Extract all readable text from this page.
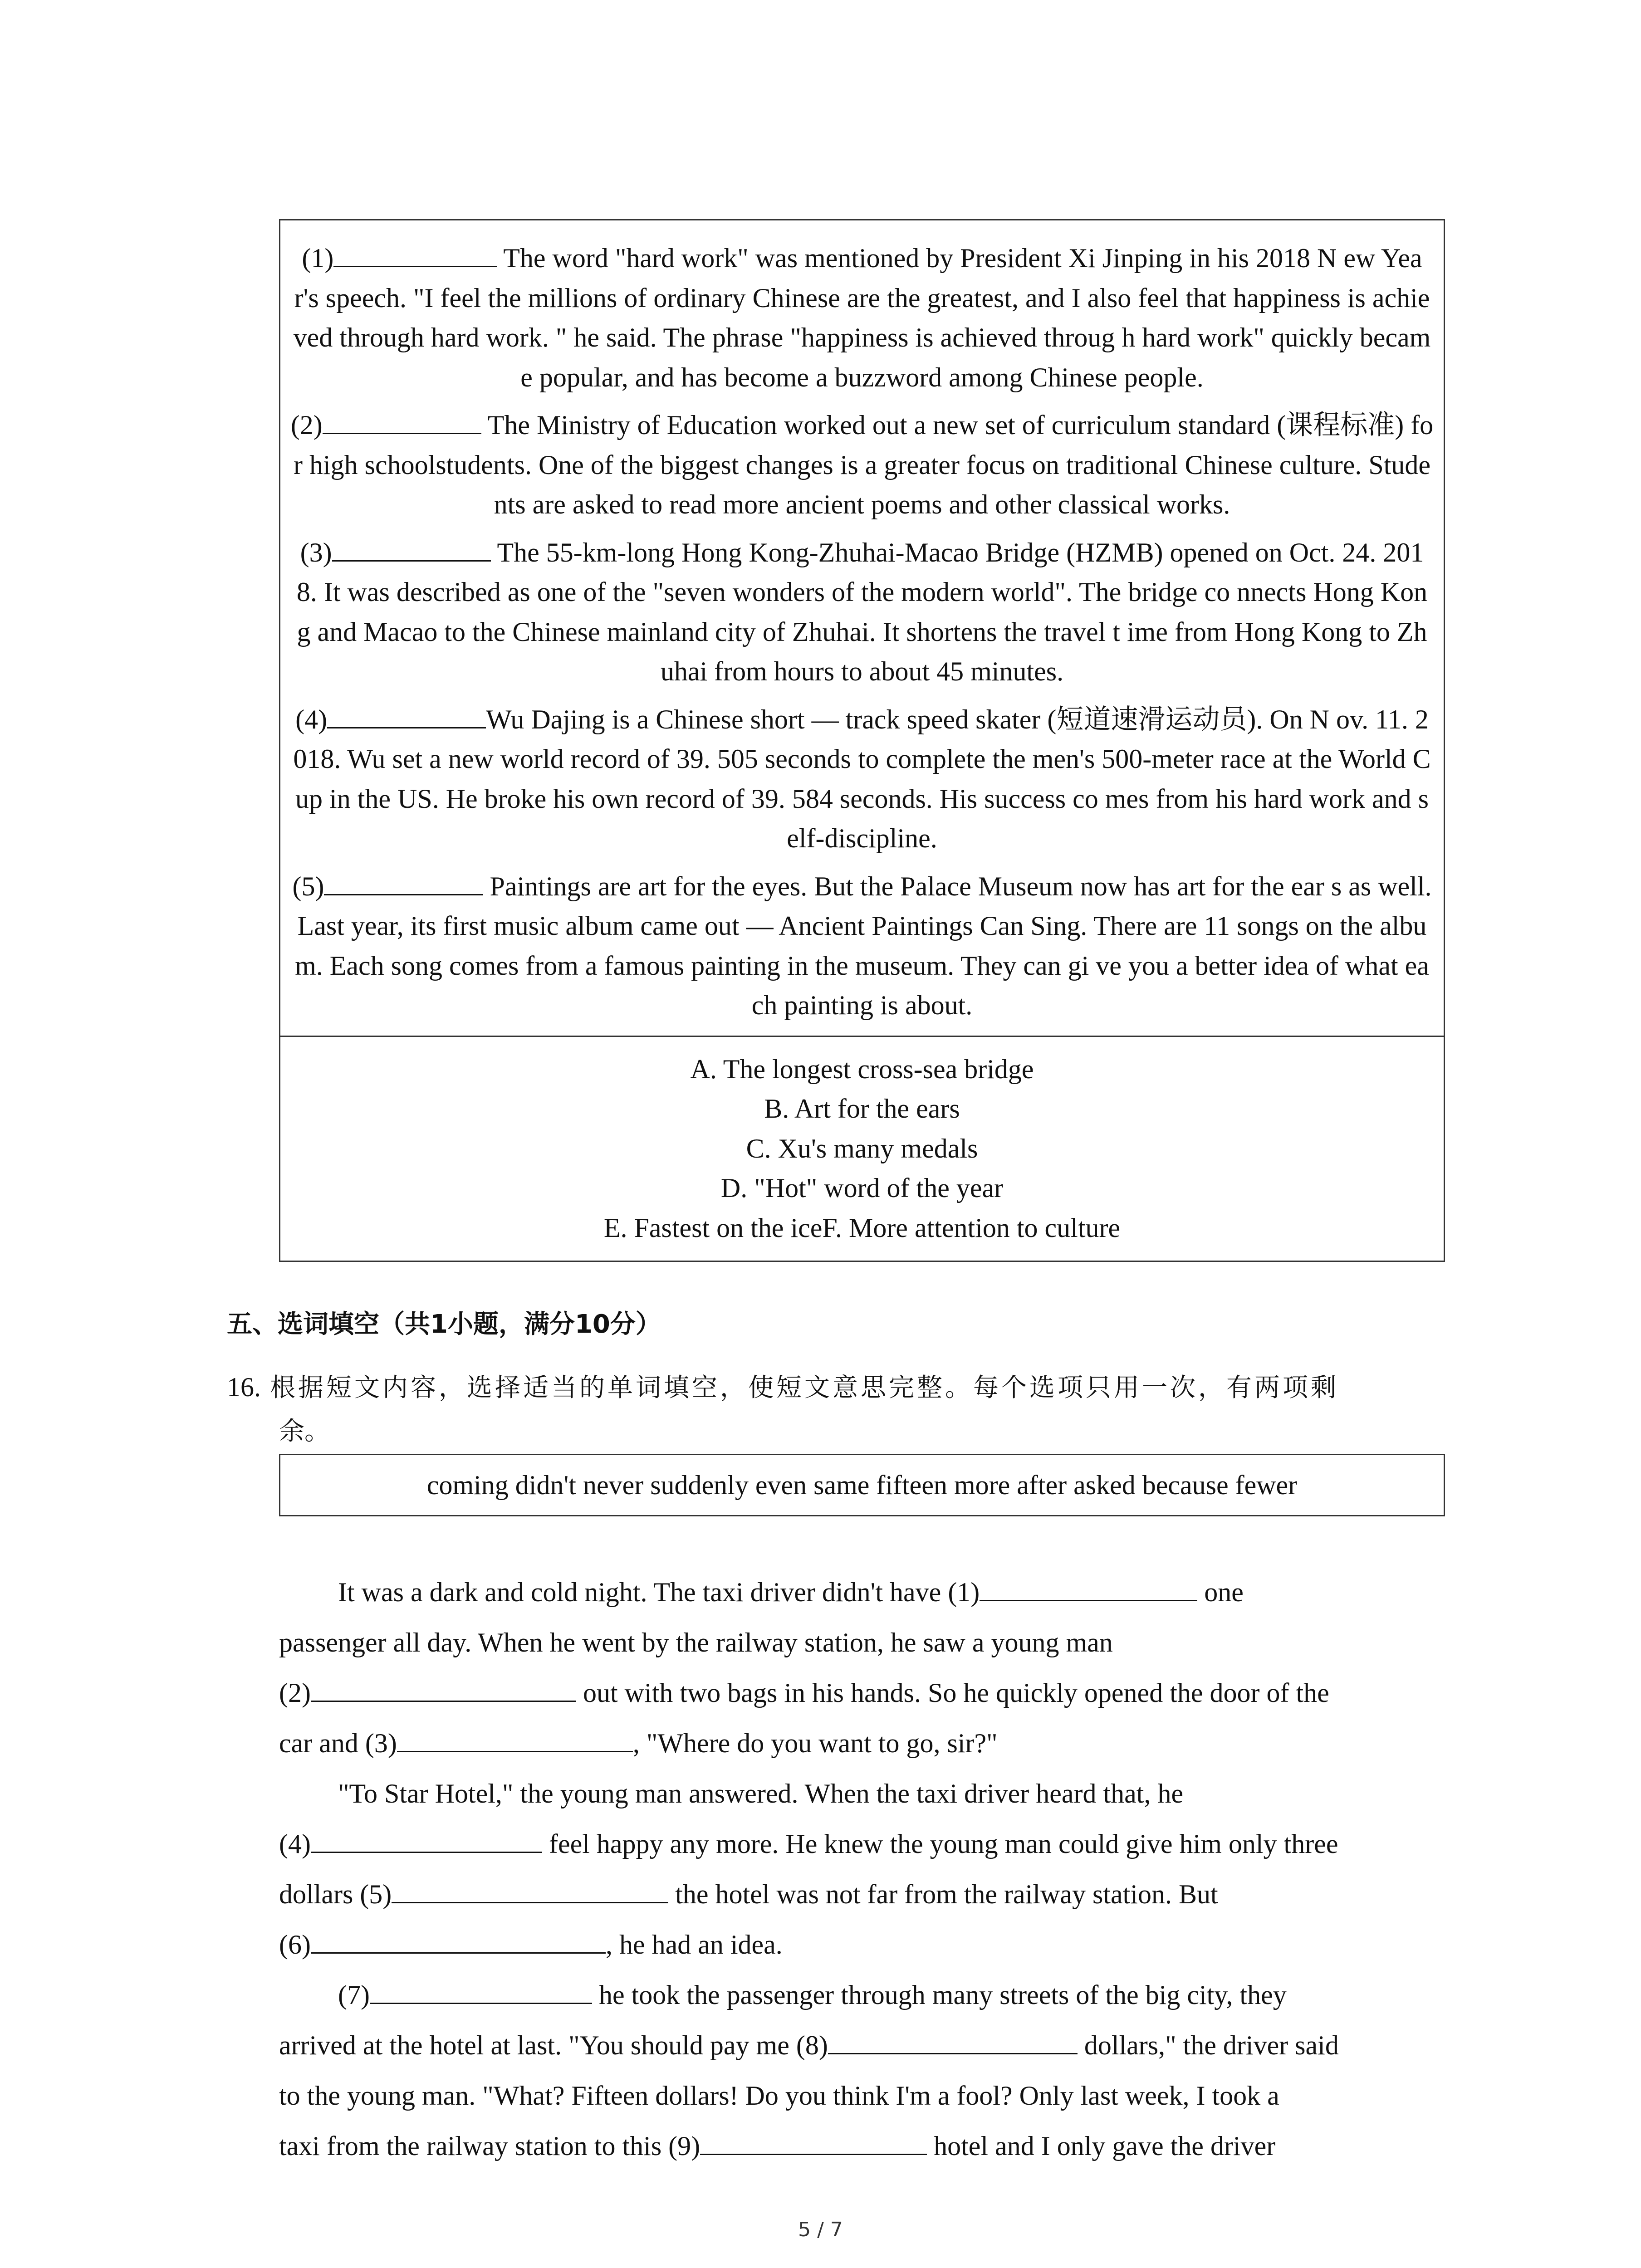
(1)	The word "hard work" was mentioned by President Xi Jinping in his 2018 N ew Year's speech. "I feel the millions of ordinary Chinese are the greatest, and I also feel that happiness is achieved through hard work. " he said. The phrase "happiness is achieved throug h hard work" quickly became popular, and has become a buzzword among Chinese people.

(2)	The Ministry of Education worked out a new set of curriculum standard (课程标准) for high schoolstudents. One of the biggest changes is a greater focus on traditional Chinese culture. Students are asked to read more ancient poems and other classical works.

(3)	The 55-km-long Hong Kong-Zhuhai-Macao Bridge (HZMB) opened on Oct. 24. 2018. It was described as one of the "seven wonders of the modern world". The bridge co nnects Hong Kong and Macao to the Chinese mainland city of Zhuhai. It shortens the travel t ime from Hong Kong to Zhuhai from hours to about 45 minutes.

(4)	Wu Dajing is a Chinese short — track speed skater (短道速滑运动员). On N ov. 11. 2018. Wu set a new world record of 39. 505 seconds to complete the men's 500-meter race at the World Cup in the US. He broke his own record of 39. 584 seconds. His success co mes from his hard work and self-discipline.

(5)	Paintings are art for the eyes. But the Palace Museum now has art for the ear s as well. Last year, its first music album came out — Ancient Paintings Can Sing. There are 11 songs on the album. Each song comes from a famous painting in the museum. They can gi ve you a better idea of what each painting is about.

A. The longest cross-sea bridge

B. Art for the ears

C. Xu's many medals

D. "Hot" word of the year

E. Fastest on the iceF. More attention to culture

五、选词填空（共1小题，满分10分）
16. 根据短文内容，选择适当的单词填空，使短文意思完整。每个选项只用一次，有两项剩
余。
coming didn't never suddenly even same fifteen more after asked because fewer

It was a dark and cold night. The taxi driver didn't have (1)	one

passenger all day. When he went by the railway station, he saw a young man

(2)	out with two bags in his hands. So he quickly opened the door of the

car and (3)	, "Where do you want to go, sir?"

"To Star Hotel," the young man answered. When the taxi driver heard that, he

(4)	feel happy any more. He knew the young man could give him only three

dollars (5)	the hotel was not far from the railway station. But

(6)	, he had an idea.

(7)	he took the passenger through many streets of the big city, they

arrived at the hotel at last. "You should pay me (8)	dollars," the driver said

to the young man. "What? Fifteen dollars! Do you think I'm a fool? Only last week, I took a

taxi from the railway station to this (9)	hotel and I only gave the driver

5 / 7
